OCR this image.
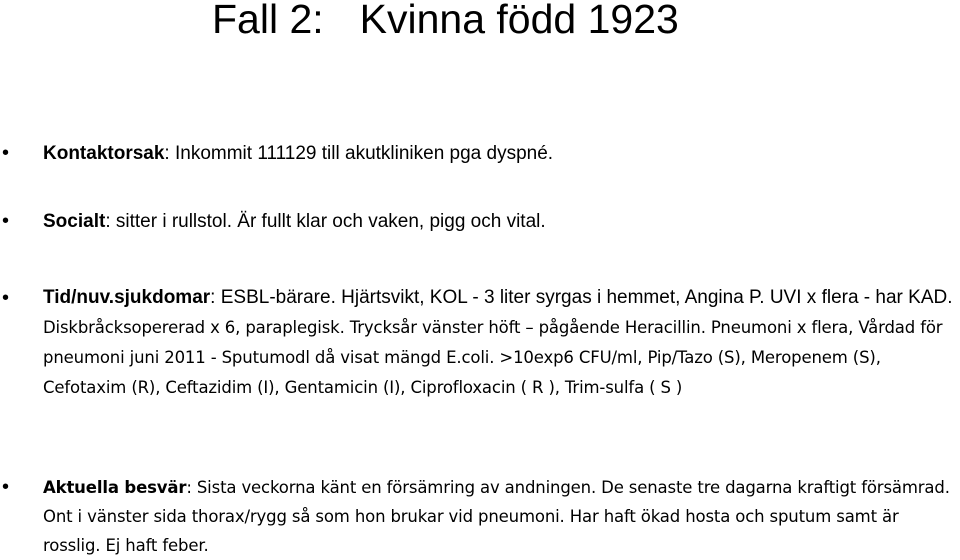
Fall 2: Kvinna född 1923

• Kontaktorsak: Inkommit 111129 till akutkliniken pga dyspné.

• Socialt: sitter i rullstol. Är fullt klar och vaken, pigg och vital.

• Tid/nuv.sjukdomar: ESBL-bärare. Hjärtsvikt, KOL - 3 liter syrgas i hemmet, Angina P. UVI x flera - har KAD. Diskbråcksopererad x 6, paraplegisk. Trycksår vänster höft – pågående Heracillin. Pneumoni x flera, Vårdad för pneumoni juni 2011 - Sputumodl då visat mängd E.coli. >10exp6 CFU/ml, Pip/Tazo (S), Meropenem (S), Cefotaxim (R), Ceftazidim (I), Gentamicin (I), Ciprofloxacin ( R ), Trim-sulfa ( S )

• Aktuella besvär: Sista veckorna känt en försämring av andningen. De senaste tre dagarna kraftigt försämrad. Ont i vänster sida thorax/rygg så som hon brukar vid pneumoni. Har haft ökad hosta och sputum samt är rosslig. Ej haft feber.
